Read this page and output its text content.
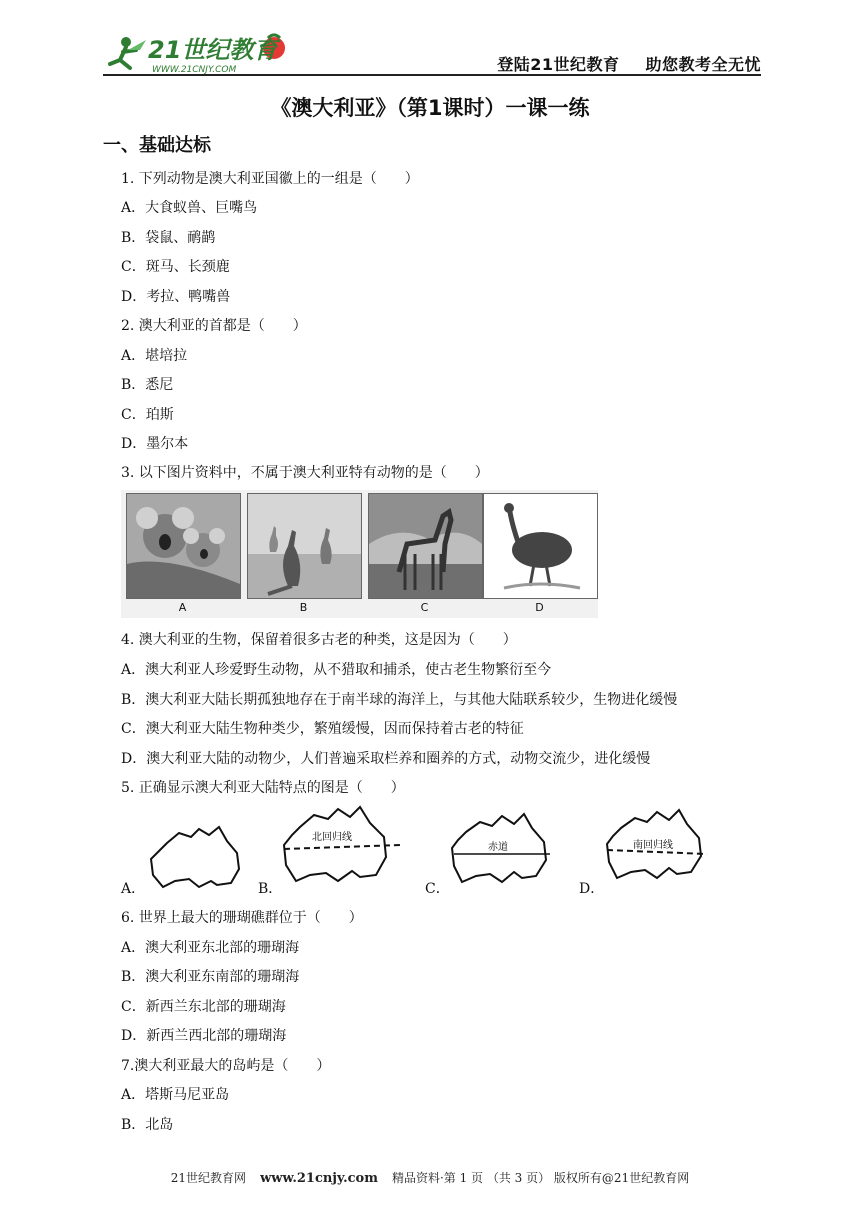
21世纪教育
WWW.21CNJY.COM	登陆21世纪教育 助您教考全无忧
《澳大利亚》（第1课时）一课一练
一、基础达标
1. 下列动物是澳大利亚国徽上的一组是（　　）
A．大食蚁兽、巨嘴鸟
B．袋鼠、鸸鹋
C．斑马、长颈鹿
D．考拉、鸭嘴兽
2. 澳大利亚的首都是（　　）
A．堪培拉
B．悉尼
C．珀斯
D．墨尔本
3. 以下图片资料中，不属于澳大利亚特有动物的是（　　）
A	B	C	D
4. 澳大利亚的生物，保留着很多古老的种类，这是因为（　　）
A．澳大利亚人珍爱野生动物，从不猎取和捕杀，使古老生物繁衍至今
B．澳大利亚大陆长期孤独地存在于南半球的海洋上，与其他大陆联系较少，生物进化缓慢
C．澳大利亚大陆生物种类少，繁殖缓慢，因而保持着古老的特征
D．澳大利亚大陆的动物少，人们普遍采取栏养和圈养的方式，动物交流少，进化缓慢
5. 正确显示澳大利亚大陆特点的图是（　　）
A．	B．
北回归线
C．
赤道
D．
南回归线
6. 世界上最大的珊瑚礁群位于（　　）
A．澳大利亚东北部的珊瑚海
B．澳大利亚东南部的珊瑚海
C．新西兰东北部的珊瑚海
D．新西兰西北部的珊瑚海
7.澳大利亚最大的岛屿是（　　）
A．塔斯马尼亚岛
B．北岛
21世纪教育网 www.21cnjy.com 精品资料·第 1 页 （共 3 页） 版权所有@21世纪教育网
